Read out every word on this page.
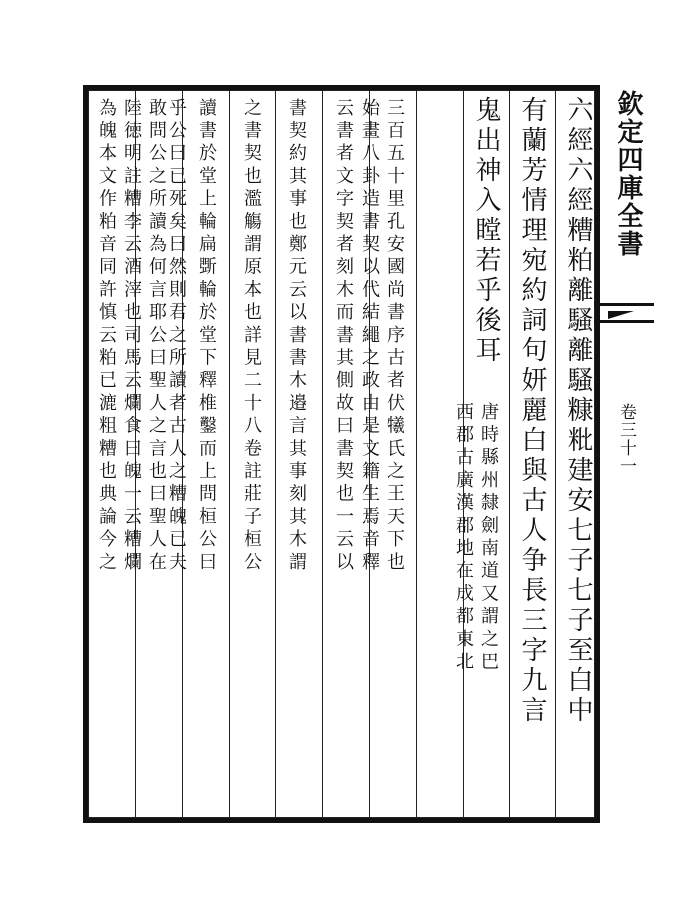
六經六經糟粕離騷離騷糠粃建安七子七子至白中
有蘭芳情理宛約詞句妍麗白與古人争長三字九言
鬼出神入瞠若乎後耳
唐時縣州隸劍南道又謂之巴
西郡古廣漢郡地在成都東北
三百五十里孔安國尚書序古者伏犧氏之王天下也
始畫八卦造書契以代結繩之政由是文籍生焉音釋
云書者文字契者刻木而書其側故曰書契也一云以
書契約其事也鄭元云以書書木邉言其事刻其木謂
之書契也濫觴謂原本也詳見二十八卷註莊子桓公
讀書於堂上輪扁斲輪於堂下釋椎鑿而上問桓公曰
敢問公之所讀為何言耶公曰聖人之言也曰聖人在 乎公曰已死矣曰然則君之所讀者古人之糟魄已夫
陸徳明註糟李云酒滓也司馬云爛食曰魄一云糟爛
為魄本文作粕音同許慎云粕已漉粗糟也典論今之	欽定四庫全書
卷三十一
